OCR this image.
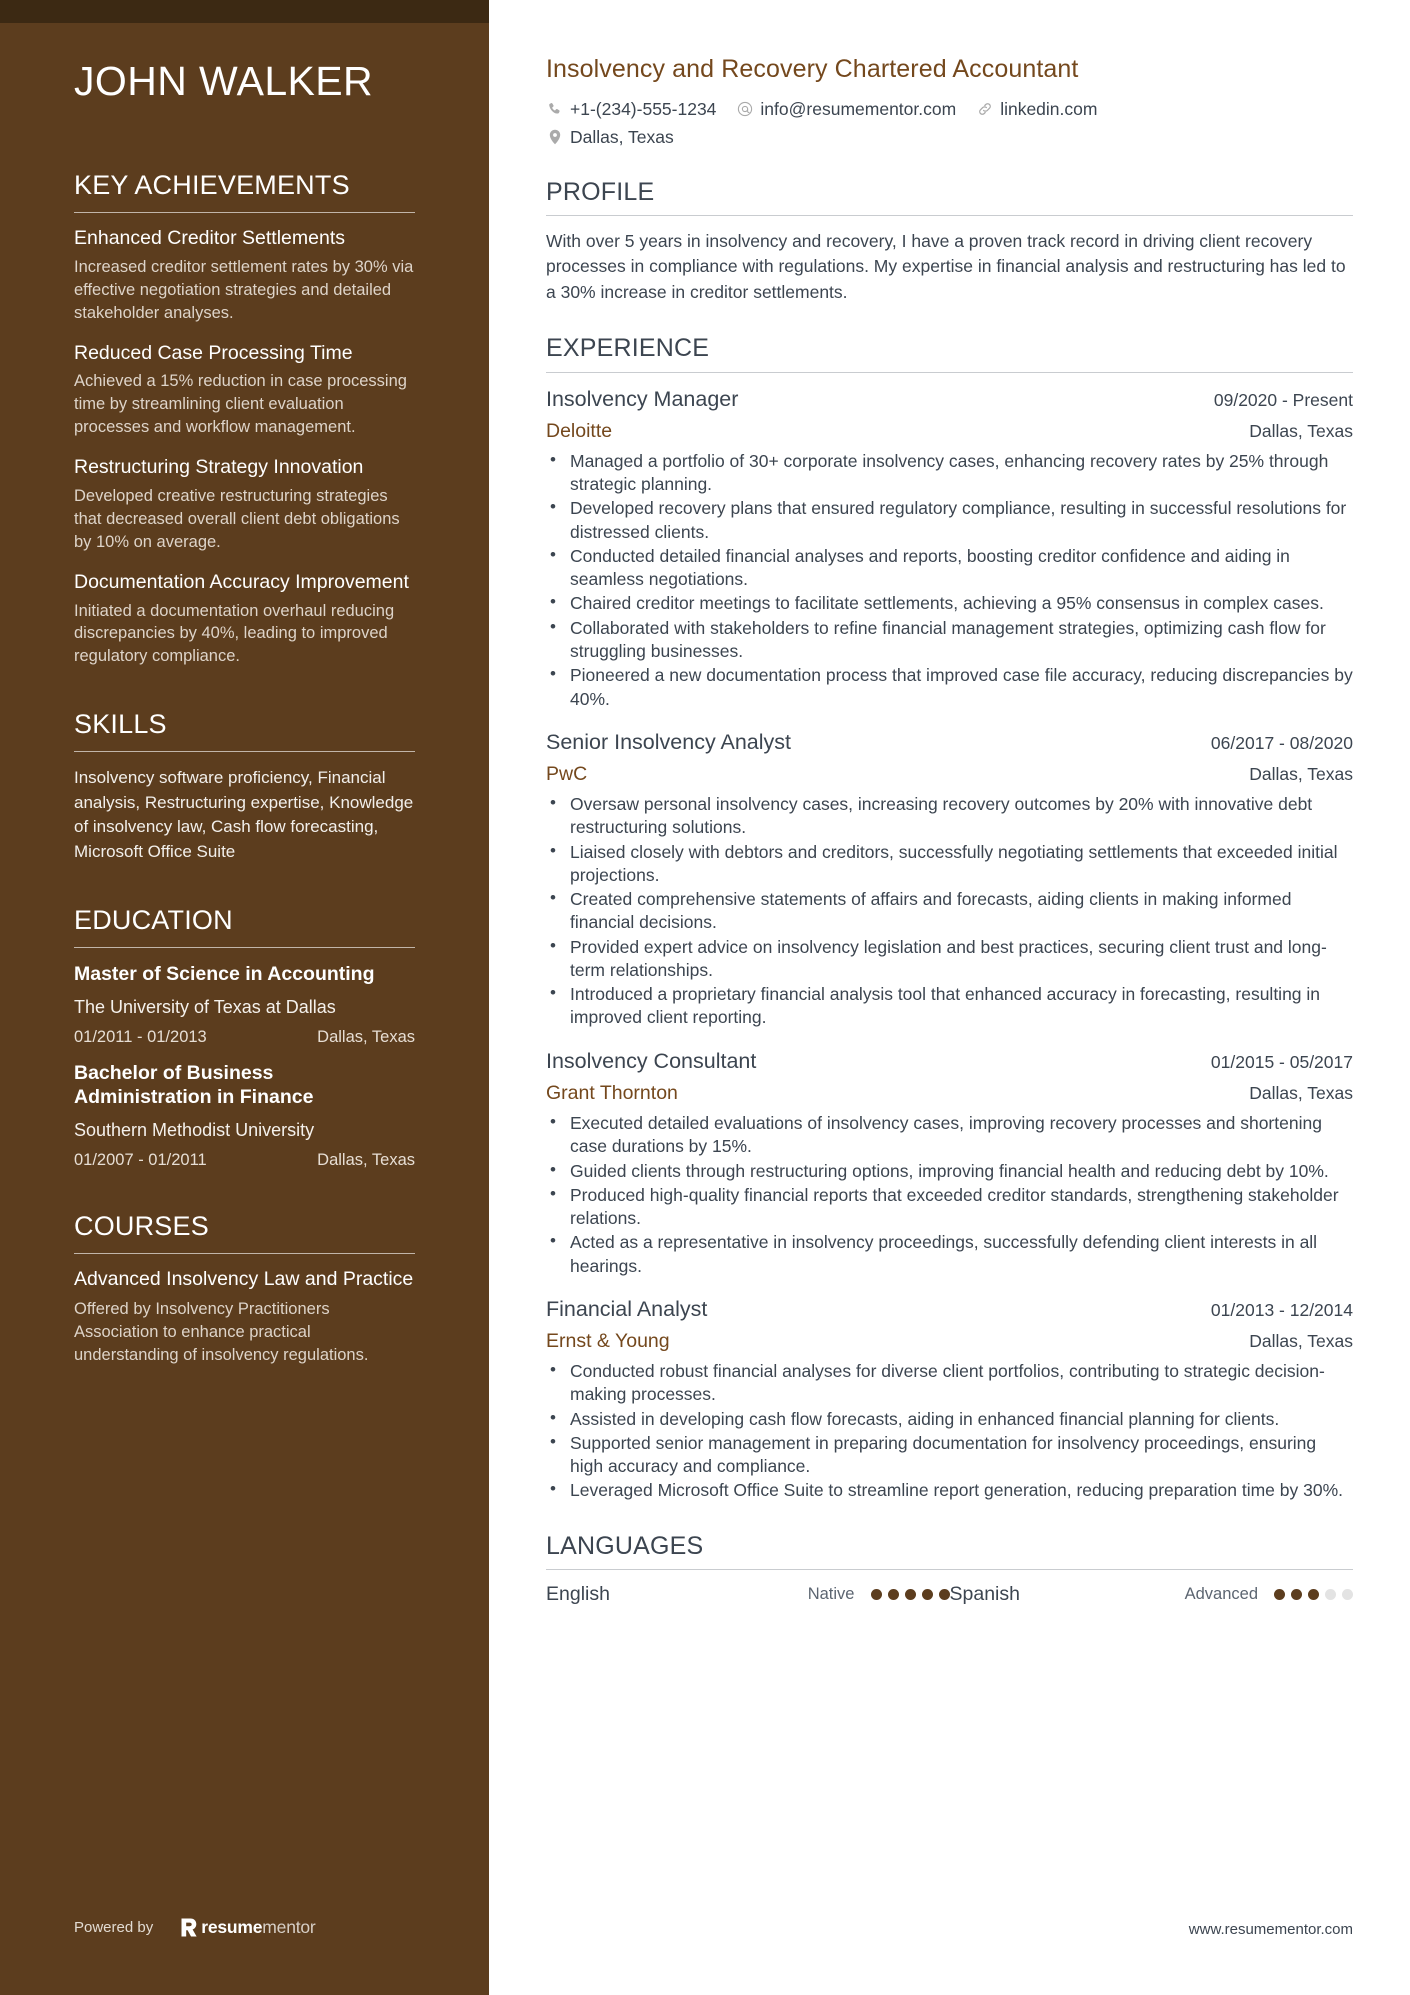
JOHN WALKER
KEY ACHIEVEMENTS
Enhanced Creditor Settlements
Increased creditor settlement rates by 30% via effective negotiation strategies and detailed stakeholder analyses.
Reduced Case Processing Time
Achieved a 15% reduction in case processing time by streamlining client evaluation processes and workflow management.
Restructuring Strategy Innovation
Developed creative restructuring strategies that decreased overall client debt obligations by 10% on average.
Documentation Accuracy Improvement
Initiated a documentation overhaul reducing discrepancies by 40%, leading to improved regulatory compliance.
SKILLS
Insolvency software proficiency, Financial analysis, Restructuring expertise, Knowledge of insolvency law, Cash flow forecasting, Microsoft Office Suite
EDUCATION
Master of Science in Accounting
The University of Texas at Dallas
01/2011 - 01/2013	Dallas, Texas
Bachelor of Business Administration in Finance
Southern Methodist University
01/2007 - 01/2011	Dallas, Texas
COURSES
Advanced Insolvency Law and Practice
Offered by Insolvency Practitioners Association to enhance practical understanding of insolvency regulations.
Powered by	resumementor
Insolvency and Recovery Chartered Accountant
+1-(234)-555-1234	info@resumementor.com	linkedin.com
Dallas, Texas
PROFILE

With over 5 years in insolvency and recovery, I have a proven track record in driving client recovery processes in compliance with regulations. My expertise in financial analysis and restructuring has led to a 30% increase in creditor settlements.

EXPERIENCE
Insolvency Manager	09/2020 - Present
Deloitte	Dallas, Texas
• Managed a portfolio of 30+ corporate insolvency cases, enhancing recovery rates by 25% through strategic planning.
• Developed recovery plans that ensured regulatory compliance, resulting in successful resolutions for distressed clients.
• Conducted detailed financial analyses and reports, boosting creditor confidence and aiding in seamless negotiations.
• Chaired creditor meetings to facilitate settlements, achieving a 95% consensus in complex cases.
• Collaborated with stakeholders to refine financial management strategies, optimizing cash flow for struggling businesses.
• Pioneered a new documentation process that improved case file accuracy, reducing discrepancies by 40%.
Senior Insolvency Analyst	06/2017 - 08/2020
PwC	Dallas, Texas
• Oversaw personal insolvency cases, increasing recovery outcomes by 20% with innovative debt restructuring solutions.
• Liaised closely with debtors and creditors, successfully negotiating settlements that exceeded initial projections.
• Created comprehensive statements of affairs and forecasts, aiding clients in making informed financial decisions.
• Provided expert advice on insolvency legislation and best practices, securing client trust and long-term relationships.
• Introduced a proprietary financial analysis tool that enhanced accuracy in forecasting, resulting in improved client reporting.
Insolvency Consultant	01/2015 - 05/2017
Grant Thornton	Dallas, Texas
• Executed detailed evaluations of insolvency cases, improving recovery processes and shortening case durations by 15%.
• Guided clients through restructuring options, improving financial health and reducing debt by 10%.
• Produced high-quality financial reports that exceeded creditor standards, strengthening stakeholder relations.
• Acted as a representative in insolvency proceedings, successfully defending client interests in all hearings.
Financial Analyst	01/2013 - 12/2014
Ernst & Young	Dallas, Texas
• Conducted robust financial analyses for diverse client portfolios, contributing to strategic decision-making processes.
• Assisted in developing cash flow forecasts, aiding in enhanced financial planning for clients.
• Supported senior management in preparing documentation for insolvency proceedings, ensuring high accuracy and compliance.
• Leveraged Microsoft Office Suite to streamline report generation, reducing preparation time by 30%.
LANGUAGES
English	Native	Spanish	Advanced
www.resumementor.com
